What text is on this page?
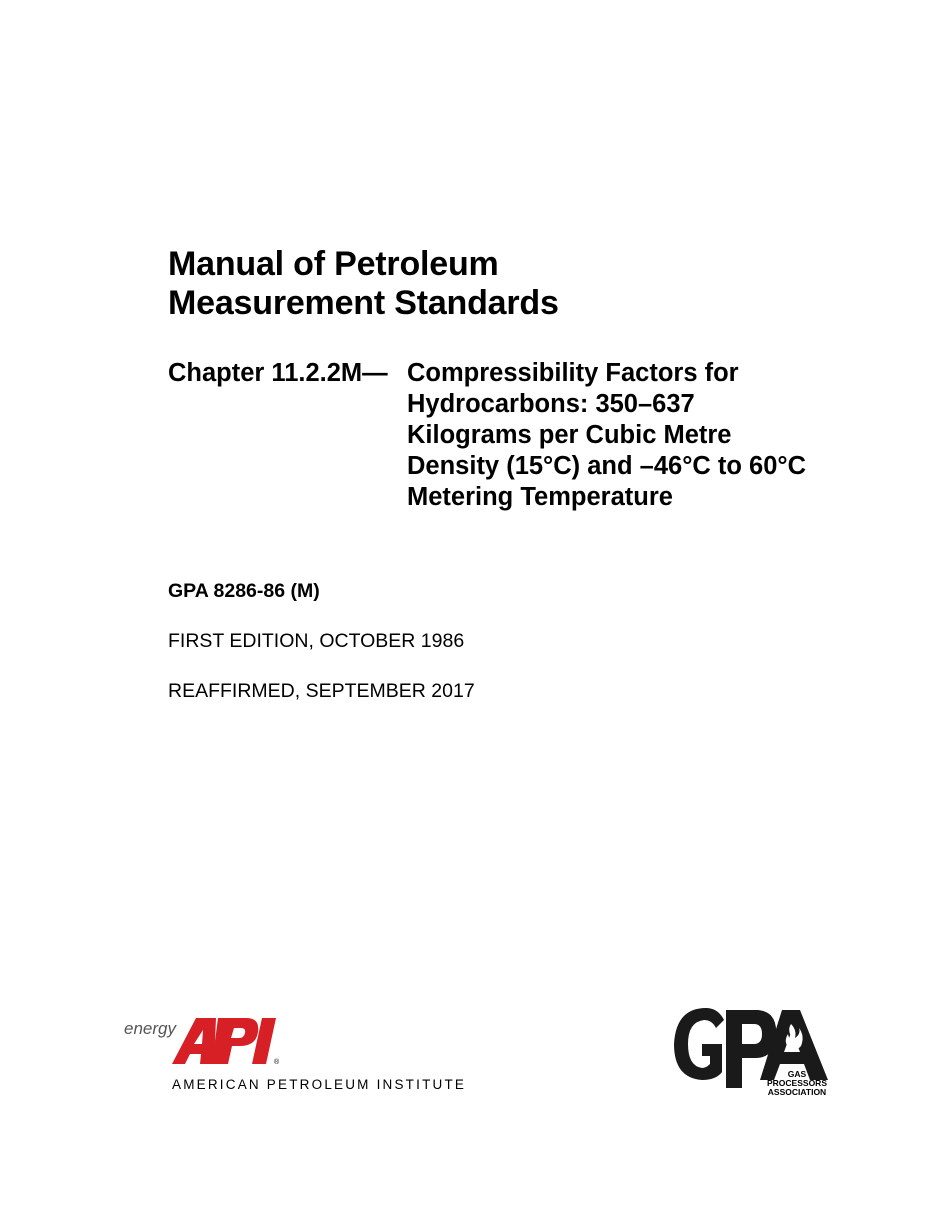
Manual of Petroleum
Measurement Standards
Chapter 11.2.2M— Compressibility Factors for
Hydrocarbons: 350–637
Kilograms per Cubic Metre
Density (15°C) and –46°C to 60°C
Metering Temperature
GPA 8286-86 (M)
FIRST EDITION, OCTOBER 1986
REAFFIRMED, SEPTEMBER 2017
energy
®
AMERICAN PETROLEUM INSTITUTE
GAS PROCESSORS
ASSOCIATION
